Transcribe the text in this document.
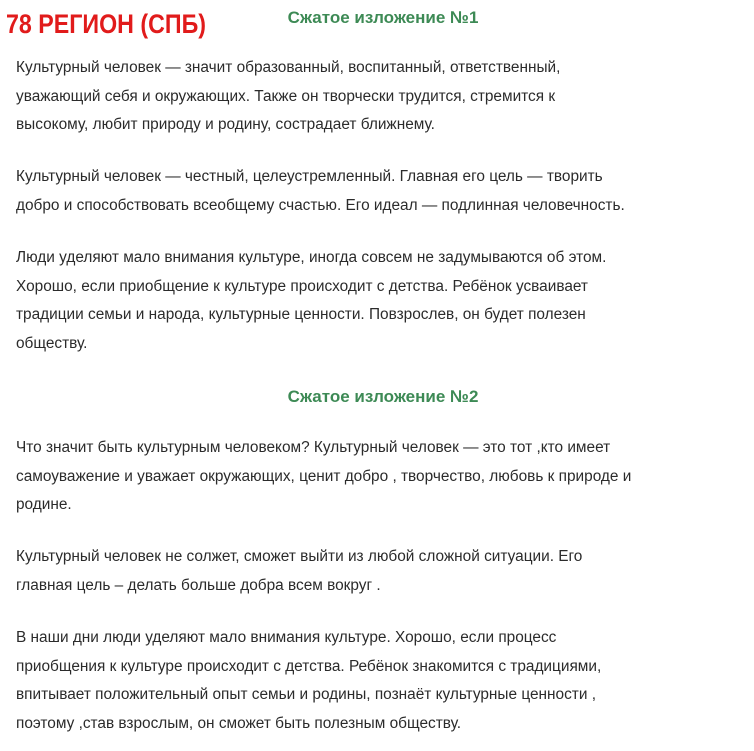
78 РЕГИОН (СПБ)	Сжатое изложение №1
Культурный человек — значит образованный, воспитанный, ответственный,
уважающий себя и окружающих. Также он творчески трудится, стремится к
высокому, любит природу и родину, сострадает ближнему.
Культурный человек — честный, целеустремленный. Главная его цель — творить
добро и способствовать всеобщему счастью. Его идеал — подлинная человечность.
Люди уделяют мало внимания культуре, иногда совсем не задумываются об этом.
Хорошо, если приобщение к культуре происходит с детства. Ребёнок усваивает
традиции семьи и народа, культурные ценности. Повзрослев, он будет полезен
обществу.
Сжатое изложение №2
Что значит быть культурным человеком? Культурный человек — это тот ,кто имеет
самоуважение и уважает окружающих, ценит добро , творчество, любовь к природе и
родине.
Культурный человек не солжет, сможет выйти из любой сложной ситуации. Его
главная цель – делать больше добра всем вокруг .
В наши дни люди уделяют мало внимания культуре. Хорошо, если процесс
приобщения к культуре происходит с детства. Ребёнок знакомится с традициями,
впитывает положительный опыт семьи и родины, познаёт культурные ценности ,
поэтому ,став взрослым, он сможет быть полезным обществу.
